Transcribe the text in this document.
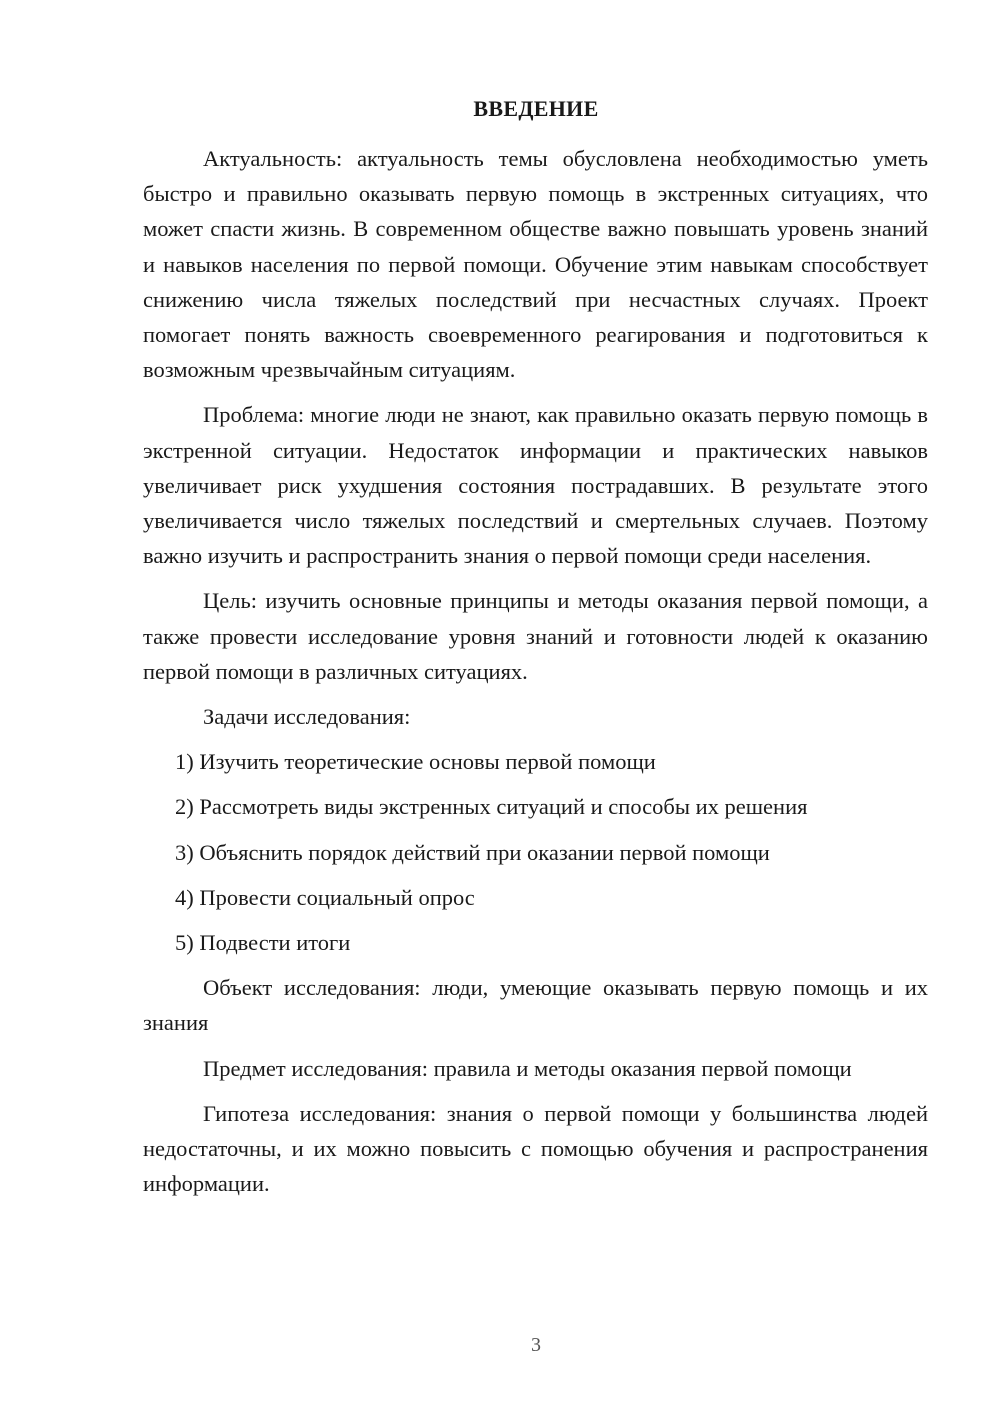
ВВЕДЕНИЕ

Актуальность: актуальность темы обусловлена необходимостью уметь быстро и правильно оказывать первую помощь в экстренных ситуациях, что может спасти жизнь. В современном обществе важно повышать уровень знаний и навыков населения по первой помощи. Обучение этим навыкам способствует снижению числа тяжелых последствий при несчастных случаях. Проект помогает понять важность своевременного реагирования и подготовиться к возможным чрезвычайным ситуациям.

Проблема: многие люди не знают, как правильно оказать первую помощь в экстренной ситуации. Недостаток информации и практических навыков увеличивает риск ухудшения состояния пострадавших. В результате этого увеличивается число тяжелых последствий и смертельных случаев. Поэтому важно изучить и распространить знания о первой помощи среди населения.

Цель: изучить основные принципы и методы оказания первой помощи, а также провести исследование уровня знаний и готовности людей к оказанию первой помощи в различных ситуациях.

Задачи исследования:

1) Изучить теоретические основы первой помощи
2) Рассмотреть виды экстренных ситуаций и способы их решения
3) Объяснить порядок действий при оказании первой помощи
4) Провести социальный опрос
5) Подвести итоги

Объект исследования: люди, умеющие оказывать первую помощь и их знания

Предмет исследования: правила и методы оказания первой помощи

Гипотеза исследования: знания о первой помощи у большинства людей недостаточны, и их можно повысить с помощью обучения и распространения информации.

3
